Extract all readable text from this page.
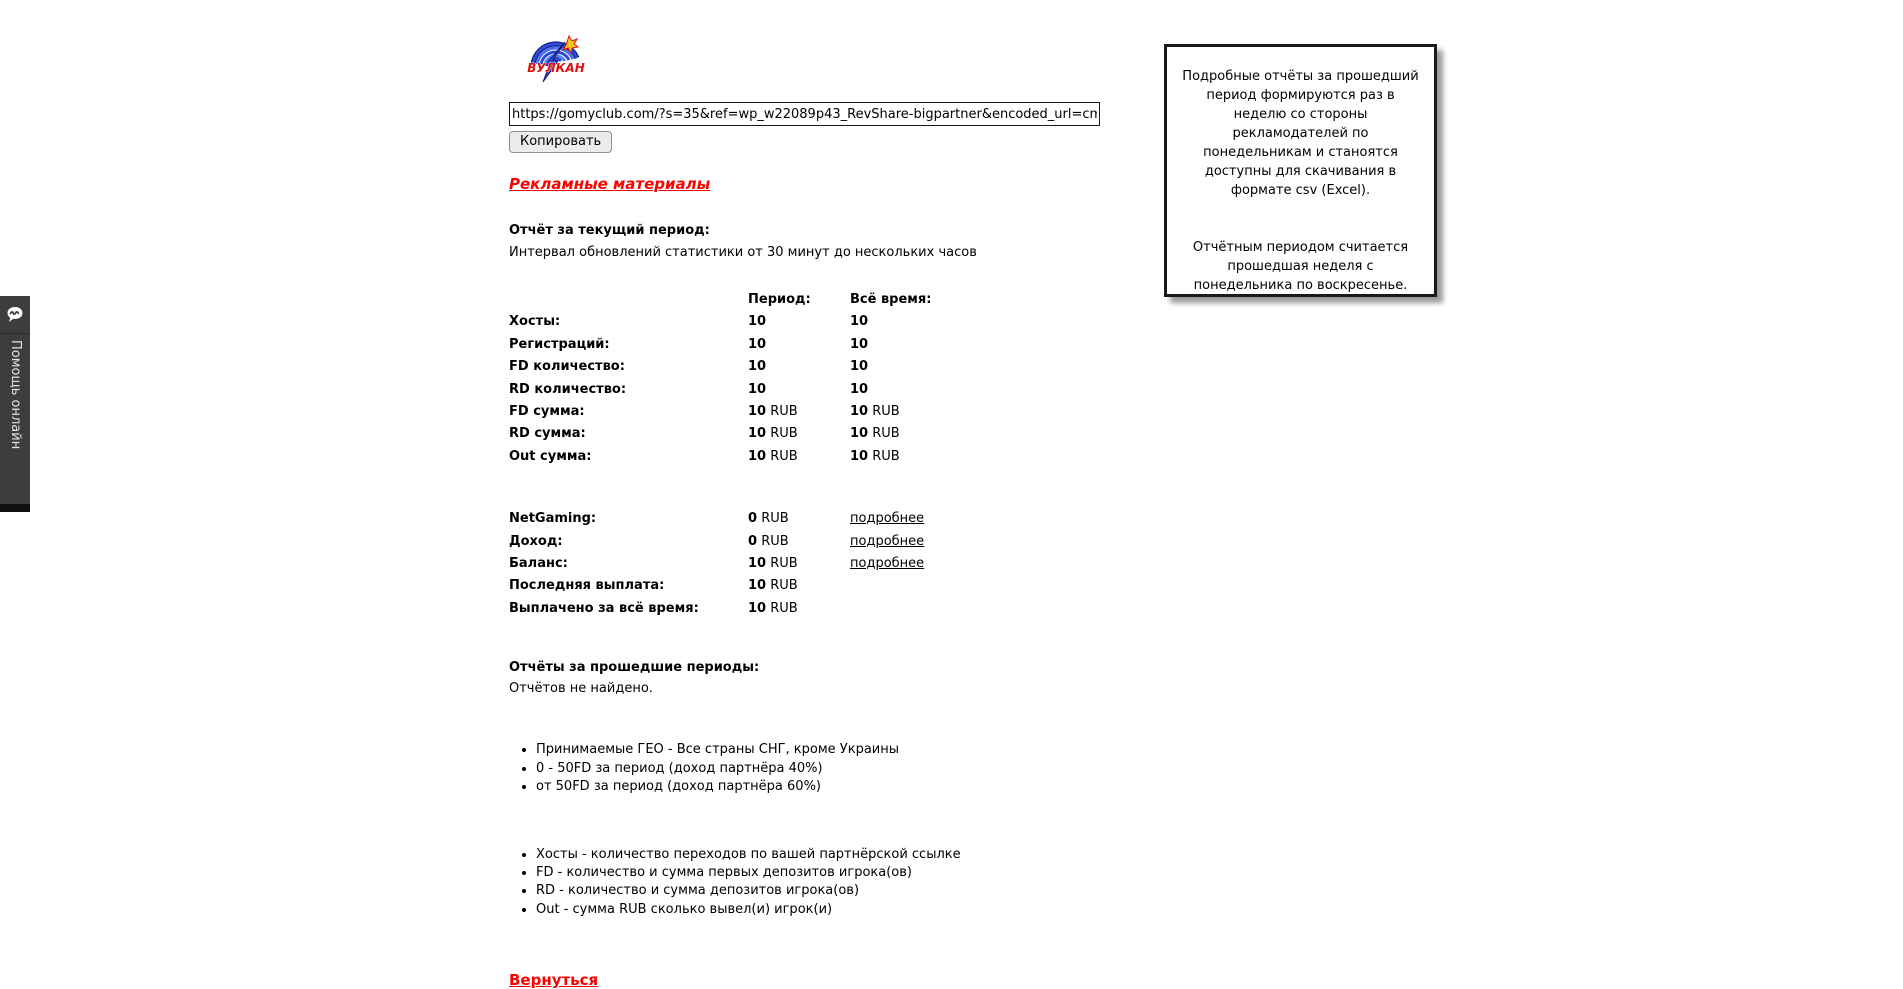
ВУЛКАН
https://gomyclub.com/?s=35&ref=wp_w22089p43_RevShare-bigpartner&encoded_url=cmVnaXN Копировать
Рекламные материалы
Отчёт за текущий период:
Интервал обновлений статистики от 30 минут до нескольких часов
Период:	Всё время:
Хосты:	10	10
Регистраций:	10	10
FD количество:	10	10
RD количество:	10	10
FD сумма:	10 RUB	10 RUB
RD сумма:	10 RUB	10 RUB
Out сумма:	10 RUB	10 RUB
NetGaming:	0 RUB	подробнее
Доход:	0 RUB	подробнее
Баланс:	10 RUB	подробнее
Последняя выплата:	10 RUB
Выплачено за всё время:	10 RUB
Отчёты за прошедшие периоды:
Отчётов не найдено.
• Принимаемые ГЕО - Все страны СНГ, кроме Украины
• 0 - 50FD за период (доход партнёра 40%)
• от 50FD за период (доход партнёра 60%)
• Хосты - количество переходов по вашей партнёрской ссылке
• FD - количество и сумма первых депозитов игрока(ов)
• RD - количество и сумма депозитов игрока(ов)
• Out - сумма RUB сколько вывел(и) игрок(и)
Вернуться

Подробные отчёты за прошедший период формируются раз в неделю со стороны рекламодателей по понедельникам и станоятся доступны для скачивания в формате csv (Excel).

Отчётным периодом считается прошедшая неделя с понедельника по воскресенье.

Помощь онлайн
